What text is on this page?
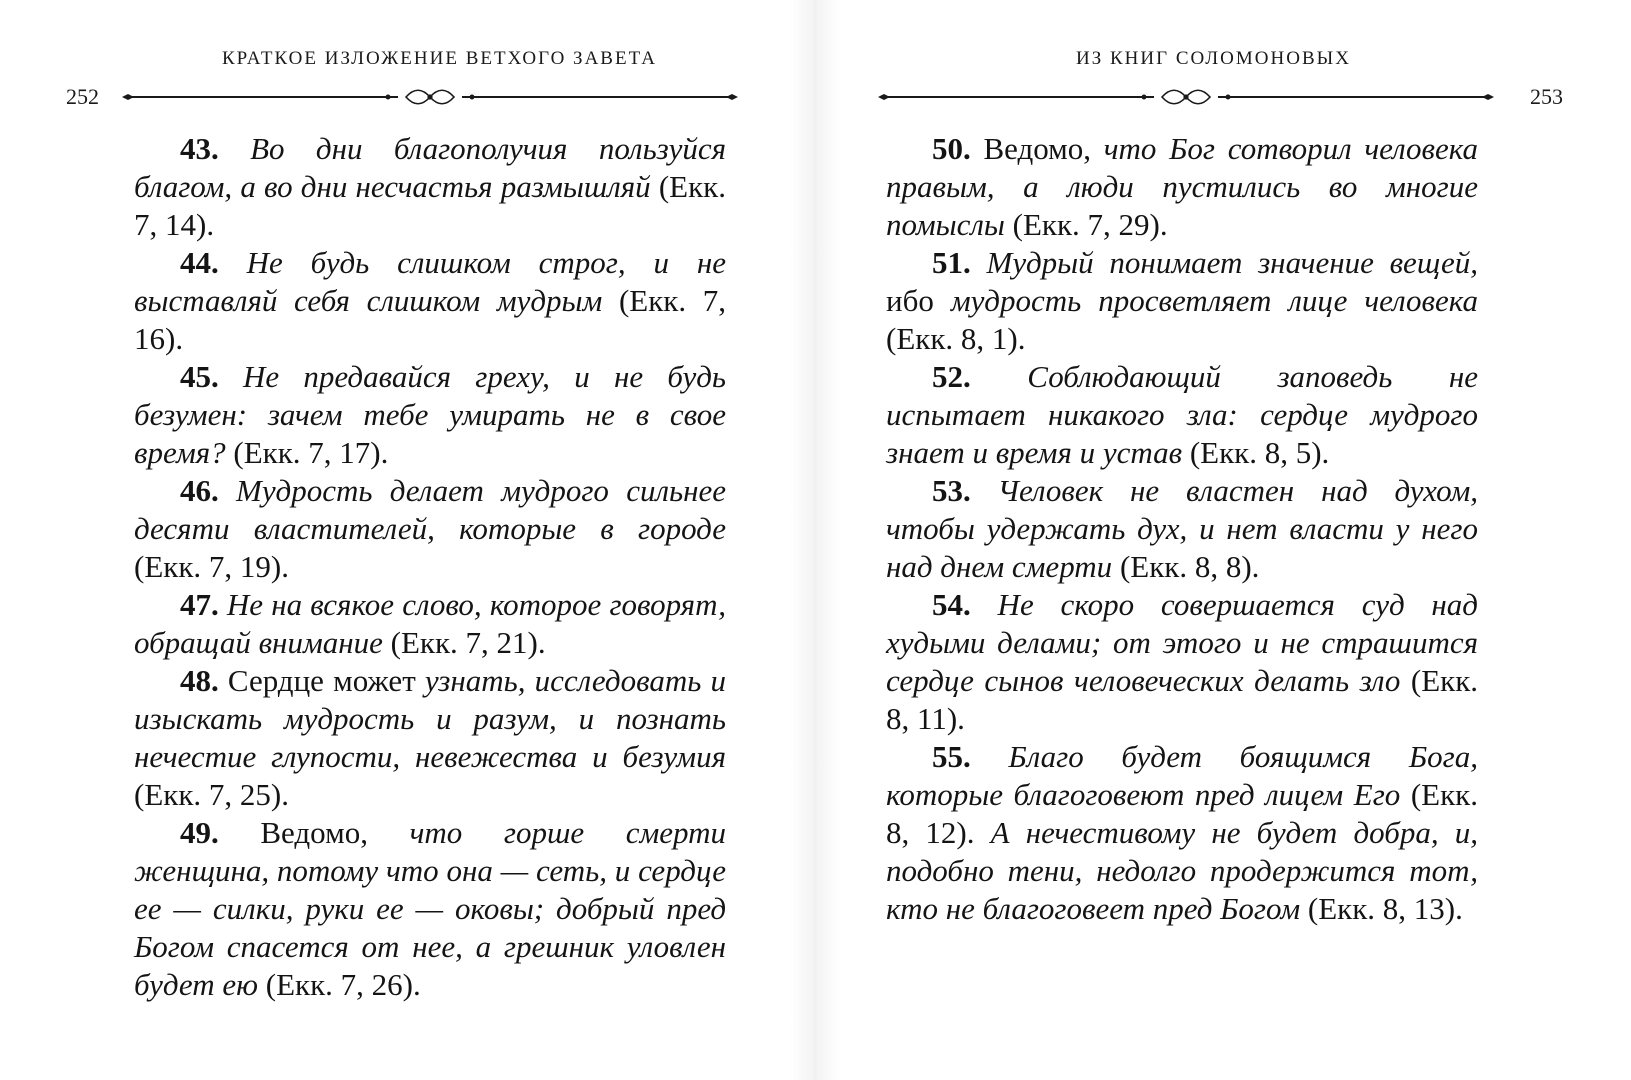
КРАТКОЕ ИЗЛОЖЕНИЕ ВЕТХОГО ЗАВЕТА
252

43. Во дни благополучия пользуйся благом, а во дни несчастья размышляй (Екк. 7, 14).

44. Не будь слишком строг, и не выставляй себя слишком мудрым (Екк. 7, 16).

45. Не предавайся греху, и не будь безумен: зачем тебе умирать не в свое время? (Екк. 7, 17).

46. Мудрость делает мудрого сильнее десяти властителей, которые в городе (Екк. 7, 19).

47. Не на всякое слово, которое говорят, обращай внимание (Екк. 7, 21).

48. Сердце может узнать, исследовать и изыскать мудрость и разум, и познать нечестие глупости, невежества и безумия (Екк. 7, 25).

49. Ведомо, что горше смерти женщина, потому что она — сеть, и сердце ее — силки, руки ее — оковы; добрый пред Богом спасется от нее, а грешник уловлен будет ею (Екк. 7, 26).

ИЗ КНИГ СОЛОМОНОВЫХ
253

50. Ведомо, что Бог сотворил человека правым, а люди пустились во многие помыслы (Екк. 7, 29).

51. Мудрый понимает значение вещей, ибо мудрость просветляет лице человека (Екк. 8, 1).

52. Соблюдающий заповедь не испытает никакого зла: сердце мудрого знает и время и устав (Екк. 8, 5).

53. Человек не властен над духом, чтобы удержать дух, и нет власти у него над днем смерти (Екк. 8, 8).

54. Не скоро совершается суд над худыми делами; от этого и не страшится сердце сынов человеческих делать зло (Екк. 8, 11).

55. Благо будет боящимся Бога, которые благоговеют пред лицем Его (Екк. 8, 12). А нечестивому не будет добра, и, подобно тени, недолго продержится тот, кто не благоговеет пред Богом (Екк. 8, 13).
